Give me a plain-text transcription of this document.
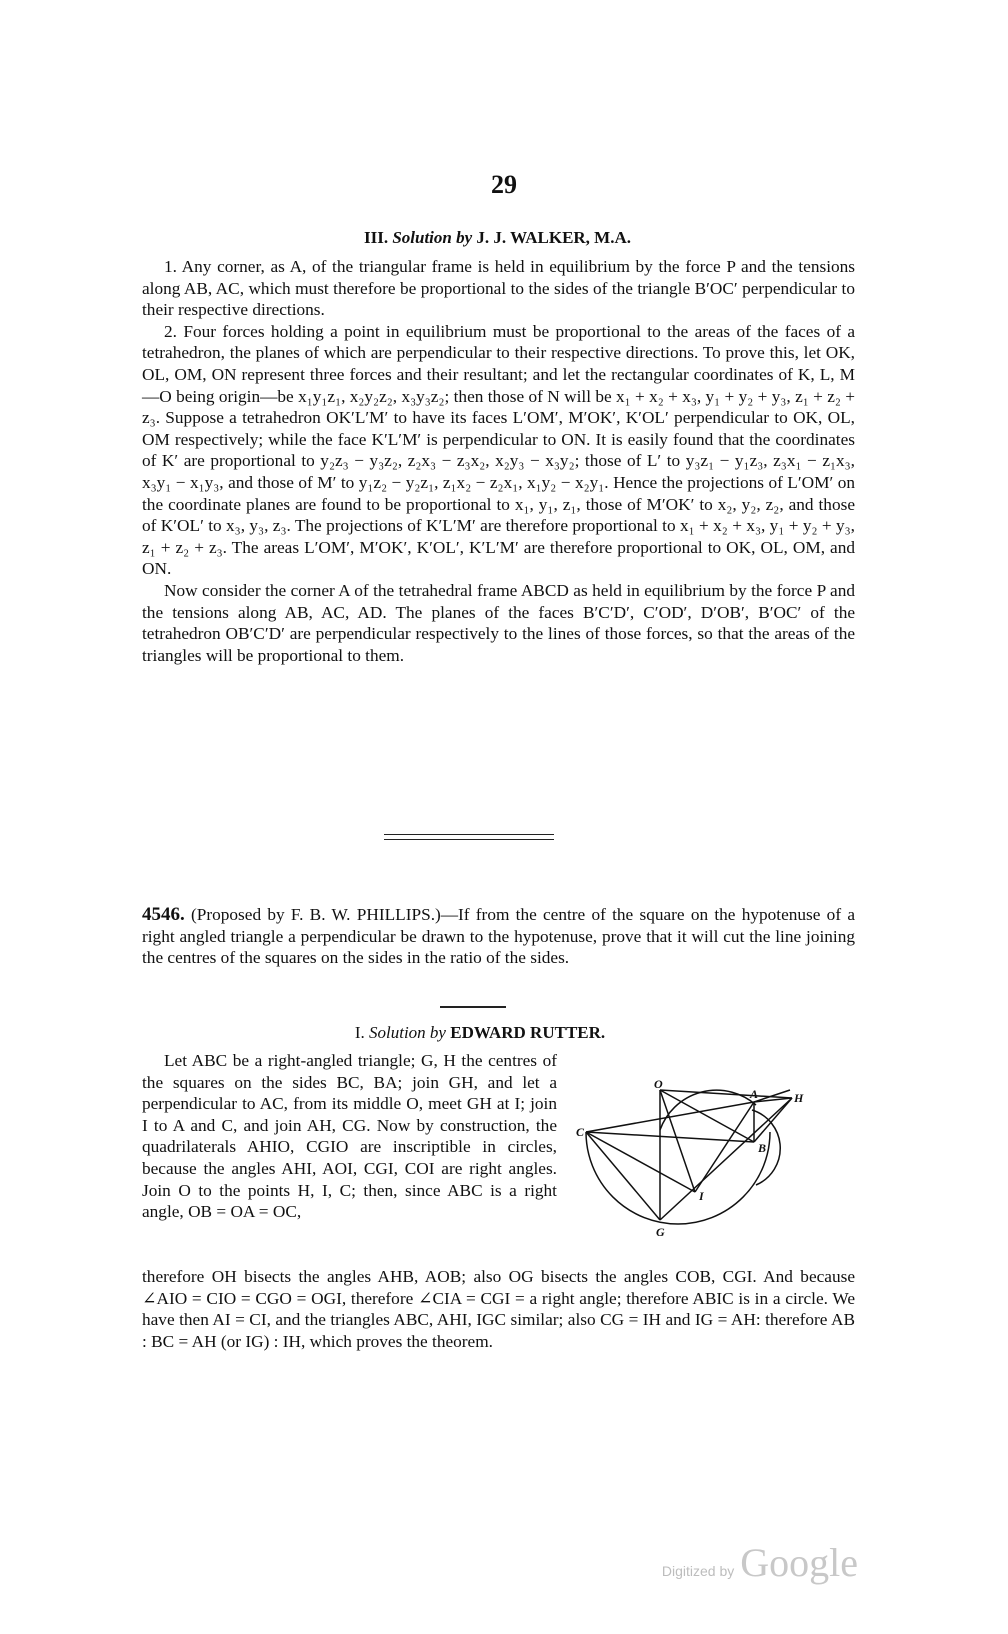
29
III. Solution by J. J. WALKER, M.A.

1. Any corner, as A, of the triangular frame is held in equilibrium by the force P and the tensions along AB, AC, which must therefore be proportional to the sides of the triangle B′OC′ perpendicular to their respective directions.

2. Four forces holding a point in equilibrium must be proportional to the areas of the faces of a tetrahedron, the planes of which are perpendicular to their respective directions. To prove this, let OK, OL, OM, ON represent three forces and their resultant; and let the rectangular coordinates of K, L, M—O being origin—be x₁y₁z₁, x₂y₂z₂, x₃y₃z₂; then those of N will be x₁ + x₂ + x₃, y₁ + y₂ + y₃, z₁ + z₂ + z₃. Suppose a tetrahedron OK′L′M′ to have its faces L′OM′, M′OK′, K′OL′ perpendicular to OK, OL, OM respectively; while the face K′L′M′ is perpendicular to ON. It is easily found that the coordinates of K′ are proportional to y₂z₃ − y₃z₂, z₂x₃ − z₃x₂, x₂y₃ − x₃y₂; those of L′ to y₃z₁ − y₁z₃, z₃x₁ − z₁x₃, x₃y₁ − x₁y₃, and those of M′ to y₁z₂ − y₂z₁, z₁x₂ − z₂x₁, x₁y₂ − x₂y₁. Hence the projections of L′OM′ on the coordinate planes are found to be proportional to x₁, y₁, z₁, those of M′OK′ to x₂, y₂, z₂, and those of K′OL′ to x₃, y₃, z₃. The projections of K′L′M′ are therefore proportional to x₁ + x₂ + x₃, y₁ + y₂ + y₃, z₁ + z₂ + z₃. The areas L′OM′, M′OK′, K′OL′, K′L′M′ are therefore proportional to OK, OL, OM, and ON.

Now consider the corner A of the tetrahedral frame ABCD as held in equilibrium by the force P and the tensions along AB, AC, AD. The planes of the faces B′C′D′, C′OD′, D′OB′, B′OC′ of the tetrahedron OB′C′D′ are perpendicular respectively to the lines of those forces, so that the areas of the triangles will be proportional to them.

4546. (Proposed by F. B. W. PHILLIPS.)—If from the centre of the square on the hypotenuse of a right angled triangle a perpendicular be drawn to the hypotenuse, prove that it will cut the line joining the centres of the squares on the sides in the ratio of the sides.
I. Solution by EDWARD RUTTER.

Let ABC be a right-angled triangle; G, H the centres of the squares on the sides BC, BA; join GH, and let a perpendicular to AC, from its middle O, meet GH at I; join I to A and C, and join AH, CG. Now by construction, the quadrilaterals AHIO, CGIO are inscriptible in circles, because the angles AHI, AOI, CGI, COI are right angles. Join O to the points H, I, C; then, since ABC is a right angle, OB = OA = OC,

therefore OH bisects the angles AHB, AOB; also OG bisects the angles COB, CGI. And because ∠AIO = CIO = CGO = OGI, therefore ∠CIA = CGI = a right angle; therefore ABIC is in a circle. We have then AI = CI, and the triangles ABC, AHI, IGC similar; also CG = IH and IG = AH: therefore AB : BC = AH (or IG) : IH, which proves the theorem.
A
O
H
C
B
I
G
Digitized by Google
